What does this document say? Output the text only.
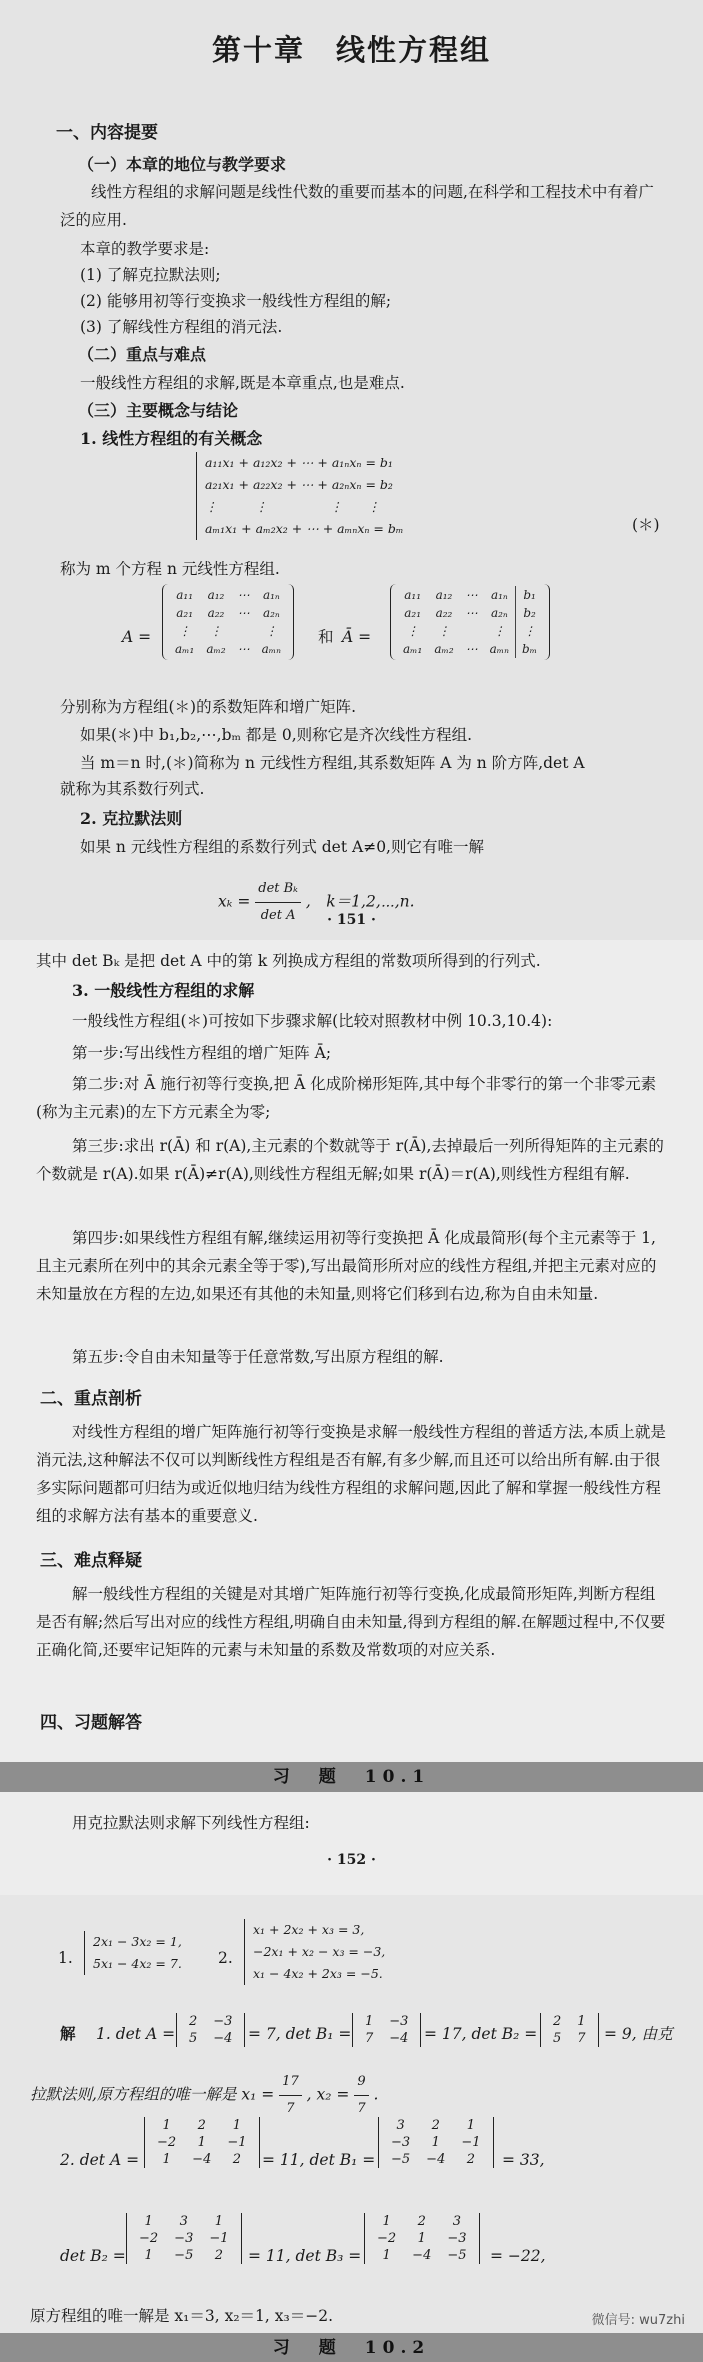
第十章　线性方程组
一、内容提要
（一）本章的地位与教学要求
线性方程组的求解问题是线性代数的重要而基本的问题,在科学和工程技术中有着广泛的应用.
本章的教学要求是:
(1) 了解克拉默法则;
(2) 能够用初等行变换求一般线性方程组的解;
(3) 了解线性方程组的消元法.
（二）重点与难点
一般线性方程组的求解,既是本章重点,也是难点.
（三）主要概念与结论
1. 线性方程组的有关概念
a₁₁x₁ + a₁₂x₂ + ⋯ + a₁ₙxₙ = b₁
a₂₁x₁ + a₂₂x₂ + ⋯ + a₂ₙxₙ = b₂
⋮　　　⋮　　　　　⋮　　⋮
aₘ₁x₁ + aₘ₂x₂ + ⋯ + aₘₙxₙ = bₘ	(＊)
称为 m 个方程 n 元线性方程组.
A =
a₁₁	a₁₂	⋯	a₁ₙ
a₂₁	a₂₂	⋯	a₂ₙ
⋮	⋮		⋮
aₘ₁	aₘ₂	⋯	aₘₙ
和 Ā =
a₁₁	a₁₂	⋯	a₁ₙ	b₁
a₂₁	a₂₂	⋯	a₂ₙ	b₂
⋮	⋮		⋮	⋮
aₘ₁	aₘ₂	⋯	aₘₙ	bₘ
分别称为方程组(＊)的系数矩阵和增广矩阵.
如果(＊)中 b₁,b₂,⋯,bₘ 都是 0,则称它是齐次线性方程组.
当 m＝n 时,(＊)简称为 n 元线性方程组,其系数矩阵 A 为 n 阶方阵,det A
就称为其系数行列式.
2. 克拉默法则
如果 n 元线性方程组的系数行列式 det A≠0,则它有唯一解
$x_k = \frac{\text{det Bₖ}}{\text{det A}}$ ,　k＝1,2,⋯,n.
· 151 ·
其中 det Bₖ 是把 det A 中的第 k 列换成方程组的常数项所得到的行列式.
3. 一般线性方程组的求解
一般线性方程组(＊)可按如下步骤求解(比较对照教材中例 10.3,10.4):
第一步:写出线性方程组的增广矩阵 Ā;
第二步:对 Ā 施行初等行变换,把 Ā 化成阶梯形矩阵,其中每个非零行的第一个非零元素(称为主元素)的左下方元素全为零;
第三步:求出 r(Ā) 和 r(A),主元素的个数就等于 r(Ā),去掉最后一列所得矩阵的主元素的个数就是 r(A).如果 r(Ā)≠r(A),则线性方程组无解;如果 r(Ā)＝r(A),则线性方程组有解.
第四步:如果线性方程组有解,继续运用初等行变换把 Ā 化成最简形(每个主元素等于 1,且主元素所在列中的其余元素全等于零),写出最简形所对应的线性方程组,并把主元素对应的未知量放在方程的左边,如果还有其他的未知量,则将它们移到右边,称为自由未知量.
第五步:令自由未知量等于任意常数,写出原方程组的解.
二、重点剖析
对线性方程组的增广矩阵施行初等行变换是求解一般线性方程组的普适方法,本质上就是消元法,这种解法不仅可以判断线性方程组是否有解,有多少解,而且还可以给出所有解.由于很多实际问题都可归结为或近似地归结为线性方程组的求解问题,因此了解和掌握一般线性方程组的求解方法有基本的重要意义.
三、难点释疑
解一般线性方程组的关键是对其增广矩阵施行初等行变换,化成最简形矩阵,判断方程组是否有解;然后写出对应的线性方程组,明确自由未知量,得到方程组的解.在解题过程中,不仅要正确化简,还要牢记矩阵的元素与未知量的系数及常数项的对应关系.
四、习题解答
习　题　10.1
用克拉默法则求解下列线性方程组:
· 152 ·
1.
2x₁ − 3x₂ = 1,
5x₁ − 4x₂ = 7. 2.
x₁ + 2x₂ + x₃ = 3,
−2x₁ + x₂ − x₃ = −3,
x₁ − 4x₂ + 2x₃ = −5.
解 1. det A =
2	−3
5	−4 = 7, det B₁ =
1	−3
7	−4 = 17, det B₂ =
2	1
5	7 = 9, 由克
拉默法则,原方程组的唯一解是 $x_1 = \frac{17}{7}$ , $x_2 = \frac{9}{7}$ .
2. det A =
1	2	1
−2	1	−1
1	−4	2 = 11, det B₁ =
3	2	1
−3	1	−1
−5	−4	2 = 33,
det B₂ =
1	3	1
−2	−3	−1
1	−5	2 = 11, det B₃ =
1	2	3
−2	1	−3
1	−4	−5 = −22,
原方程组的唯一解是 x₁＝3, x₂＝1, x₃＝−2.
习　题　10.2
微信号: wu7zhi
